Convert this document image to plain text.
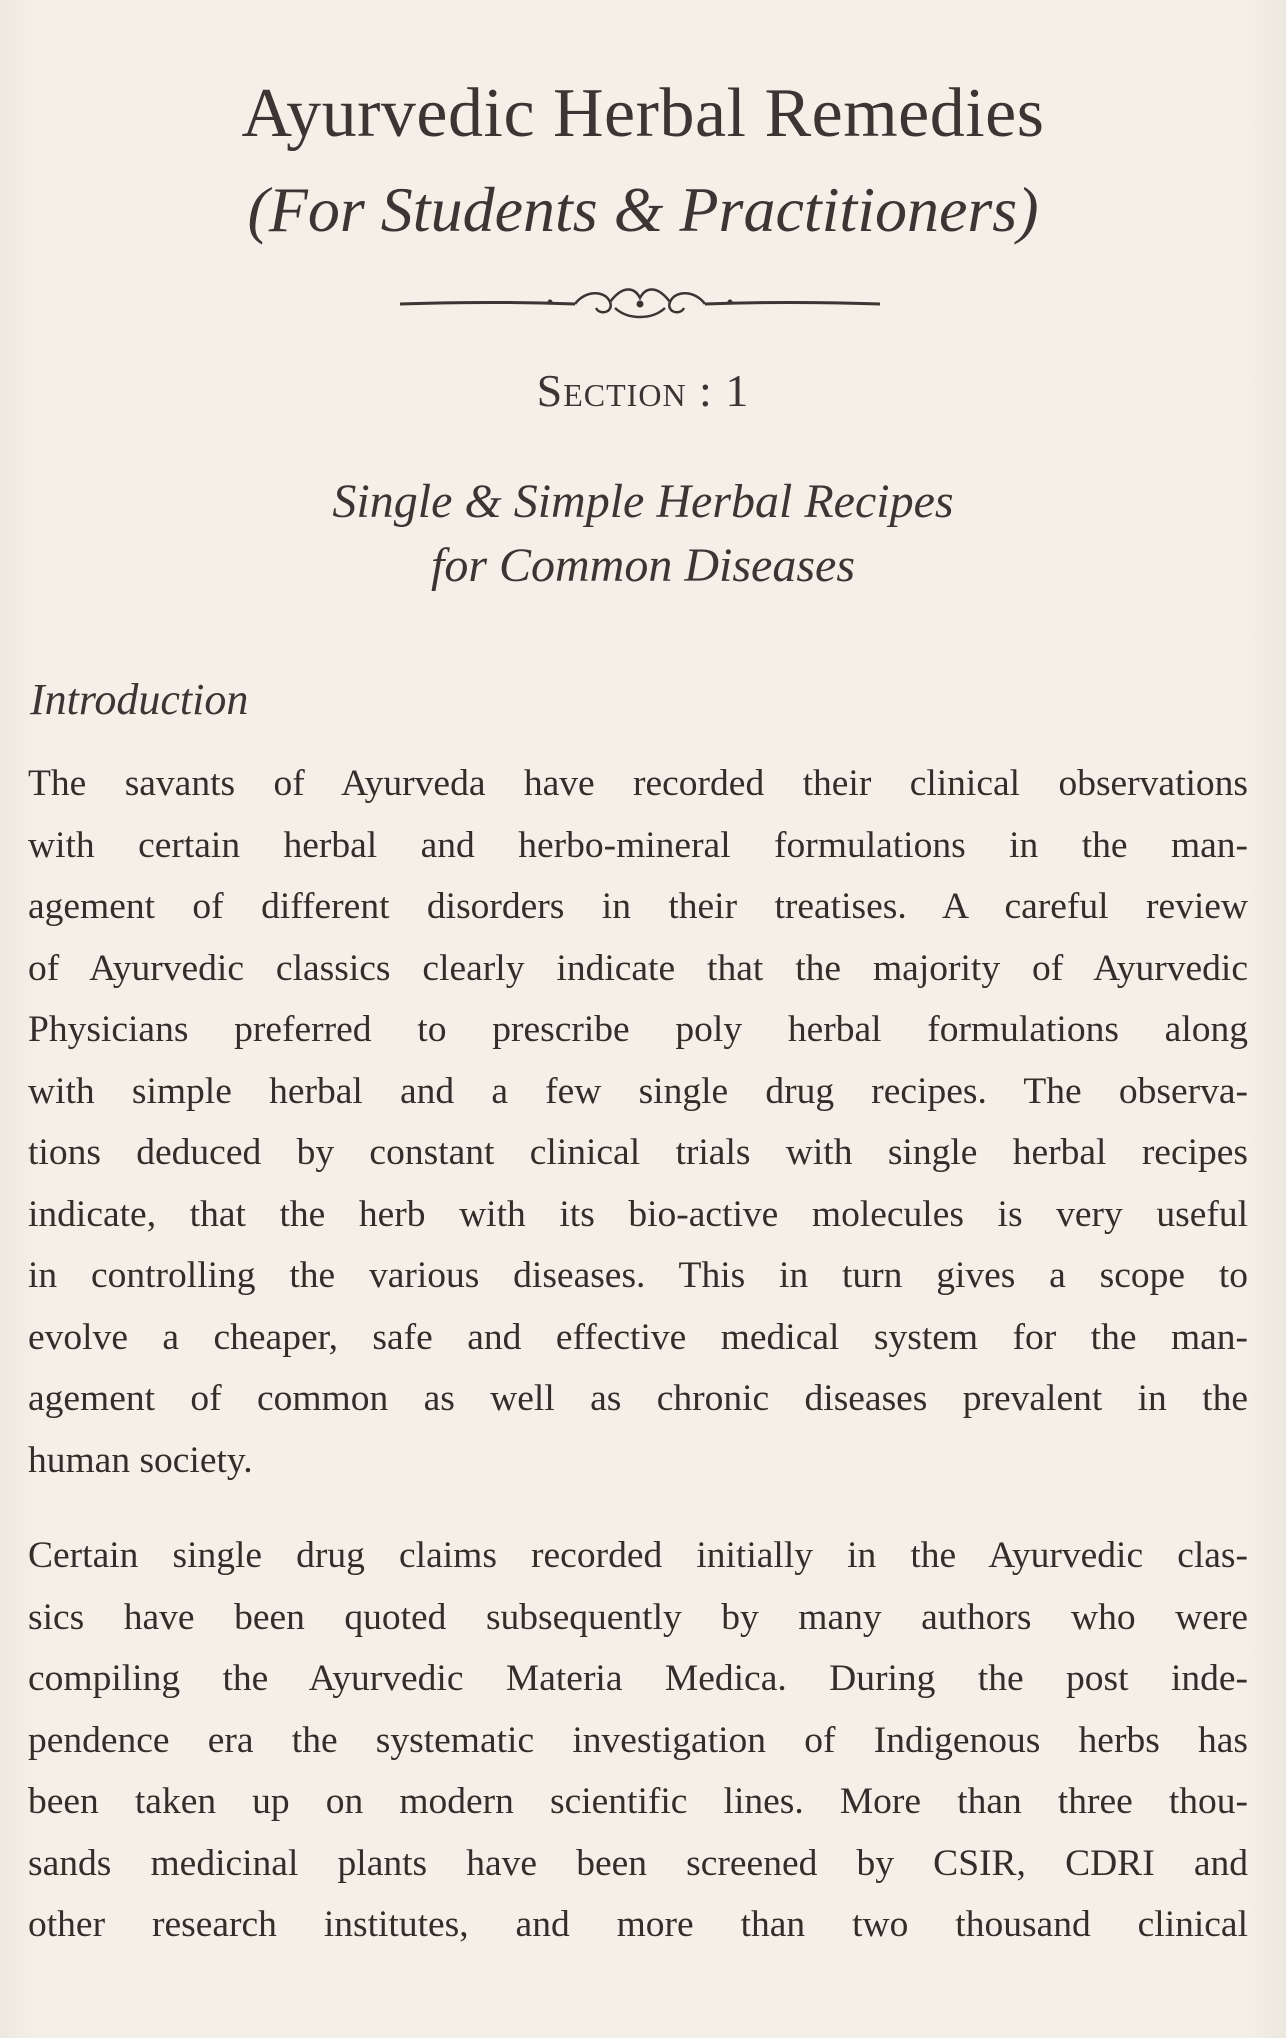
Ayurvedic Herbal Remedies
(For Students & Practitioners)
Section : 1
Single & Simple Herbal Recipes
for Common Diseases
Introduction
The savants of Ayurveda have recorded their clinical observations
with certain herbal and herbo-mineral formulations in the man-
agement of different disorders in their treatises. A careful review
of Ayurvedic classics clearly indicate that the majority of Ayurvedic
Physicians preferred to prescribe poly herbal formulations along
with simple herbal and a few single drug recipes. The observa-
tions deduced by constant clinical trials with single herbal recipes
indicate, that the herb with its bio-active molecules is very useful
in controlling the various diseases. This in turn gives a scope to
evolve a cheaper, safe and effective medical system for the man-
agement of common as well as chronic diseases prevalent in the
human society.
Certain single drug claims recorded initially in the Ayurvedic clas-
sics have been quoted subsequently by many authors who were
compiling the Ayurvedic Materia Medica. During the post inde-
pendence era the systematic investigation of Indigenous herbs has
been taken up on modern scientific lines. More than three thou-
sands medicinal plants have been screened by CSIR, CDRI and
other research institutes, and more than two thousand clinical
